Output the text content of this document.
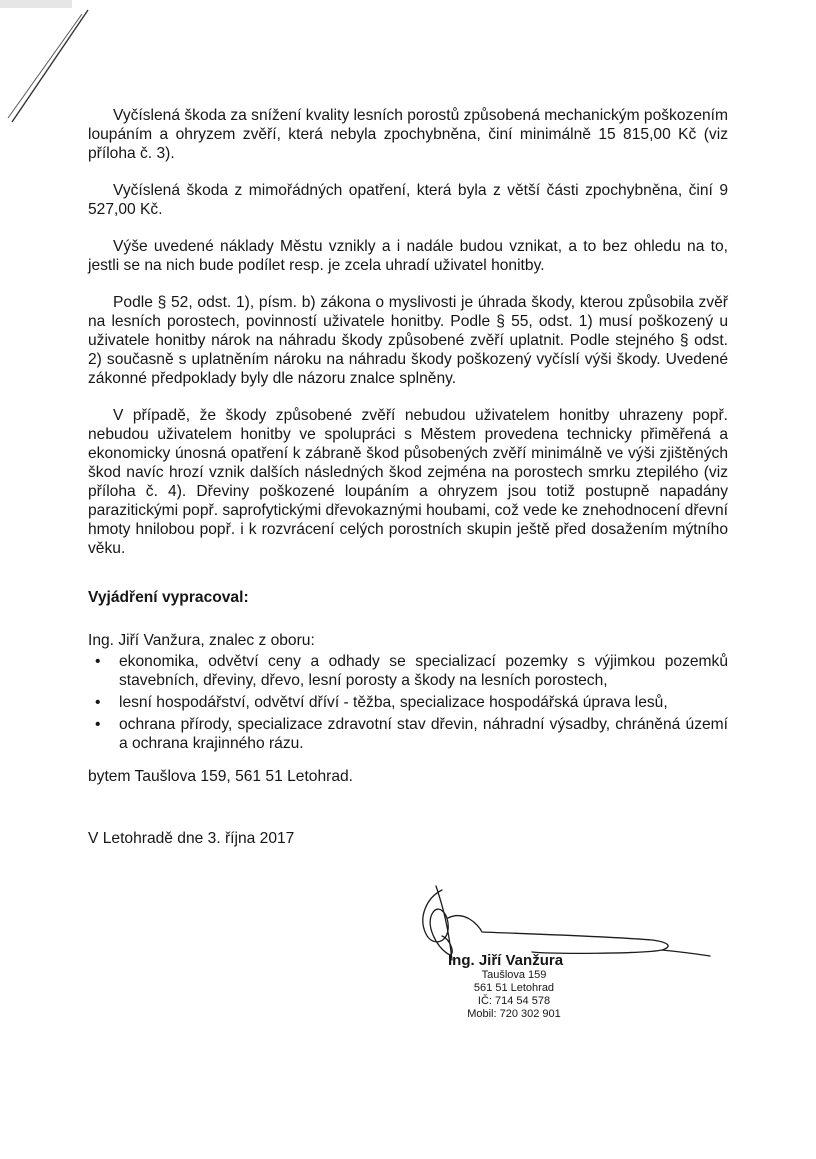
Vyčíslená škoda za snížení kvality lesních porostů způsobená mechanickým poškozením loupáním a ohryzem zvěří, která nebyla zpochybněna, činí minimálně 15 815,00 Kč (viz příloha č. 3).

Vyčíslená škoda z mimořádných opatření, která byla z větší části zpochybněna, činí 9 527,00 Kč.

Výše uvedené náklady Městu vznikly a i nadále budou vznikat, a to bez ohledu na to, jestli se na nich bude podílet resp. je zcela uhradí uživatel honitby.

Podle § 52, odst. 1), písm. b) zákona o myslivosti je úhrada škody, kterou způsobila zvěř na lesních porostech, povinností uživatele honitby. Podle § 55, odst. 1) musí poškozený u uživatele honitby nárok na náhradu škody způsobené zvěří uplatnit. Podle stejného § odst. 2) současně s uplatněním nároku na náhradu škody poškozený vyčíslí výši škody. Uvedené zákonné předpoklady byly dle názoru znalce splněny.

V případě, že škody způsobené zvěří nebudou uživatelem honitby uhrazeny popř. nebudou uživatelem honitby ve spolupráci s Městem provedena technicky přiměřená a ekonomicky únosná opatření k zábraně škod působených zvěří minimálně ve výši zjištěných škod navíc hrozí vznik dalších následných škod zejména na porostech smrku ztepilého (viz příloha č. 4). Dřeviny poškozené loupáním a ohryzem jsou totiž postupně napadány parazitickými popř. saprofytickými dřevokaznými houbami, což vede ke znehodnocení dřevní hmoty hnilobou popř. i k rozvrácení celých porostních skupin ještě před dosažením mýtního věku.

Vyjádření vypracoval:

Ing. Jiří Vanžura, znalec z oboru:

• ekonomika, odvětví ceny a odhady se specializací pozemky s výjimkou pozemků stavebních, dřeviny, dřevo, lesní porosty a škody na lesních porostech,
• lesní hospodářství, odvětví dříví - těžba, specializace hospodářská úprava lesů,
• ochrana přírody, specializace zdravotní stav dřevin, náhradní výsadby, chráněná území a ochrana krajinného rázu.

bytem Taušlova 159, 561 51 Letohrad.

V Letohradě dne 3. října 2017

Ing. Jiří Vanžura
Taušlova 159
561 51 Letohrad
IČ: 714 54 578
Mobil: 720 302 901
